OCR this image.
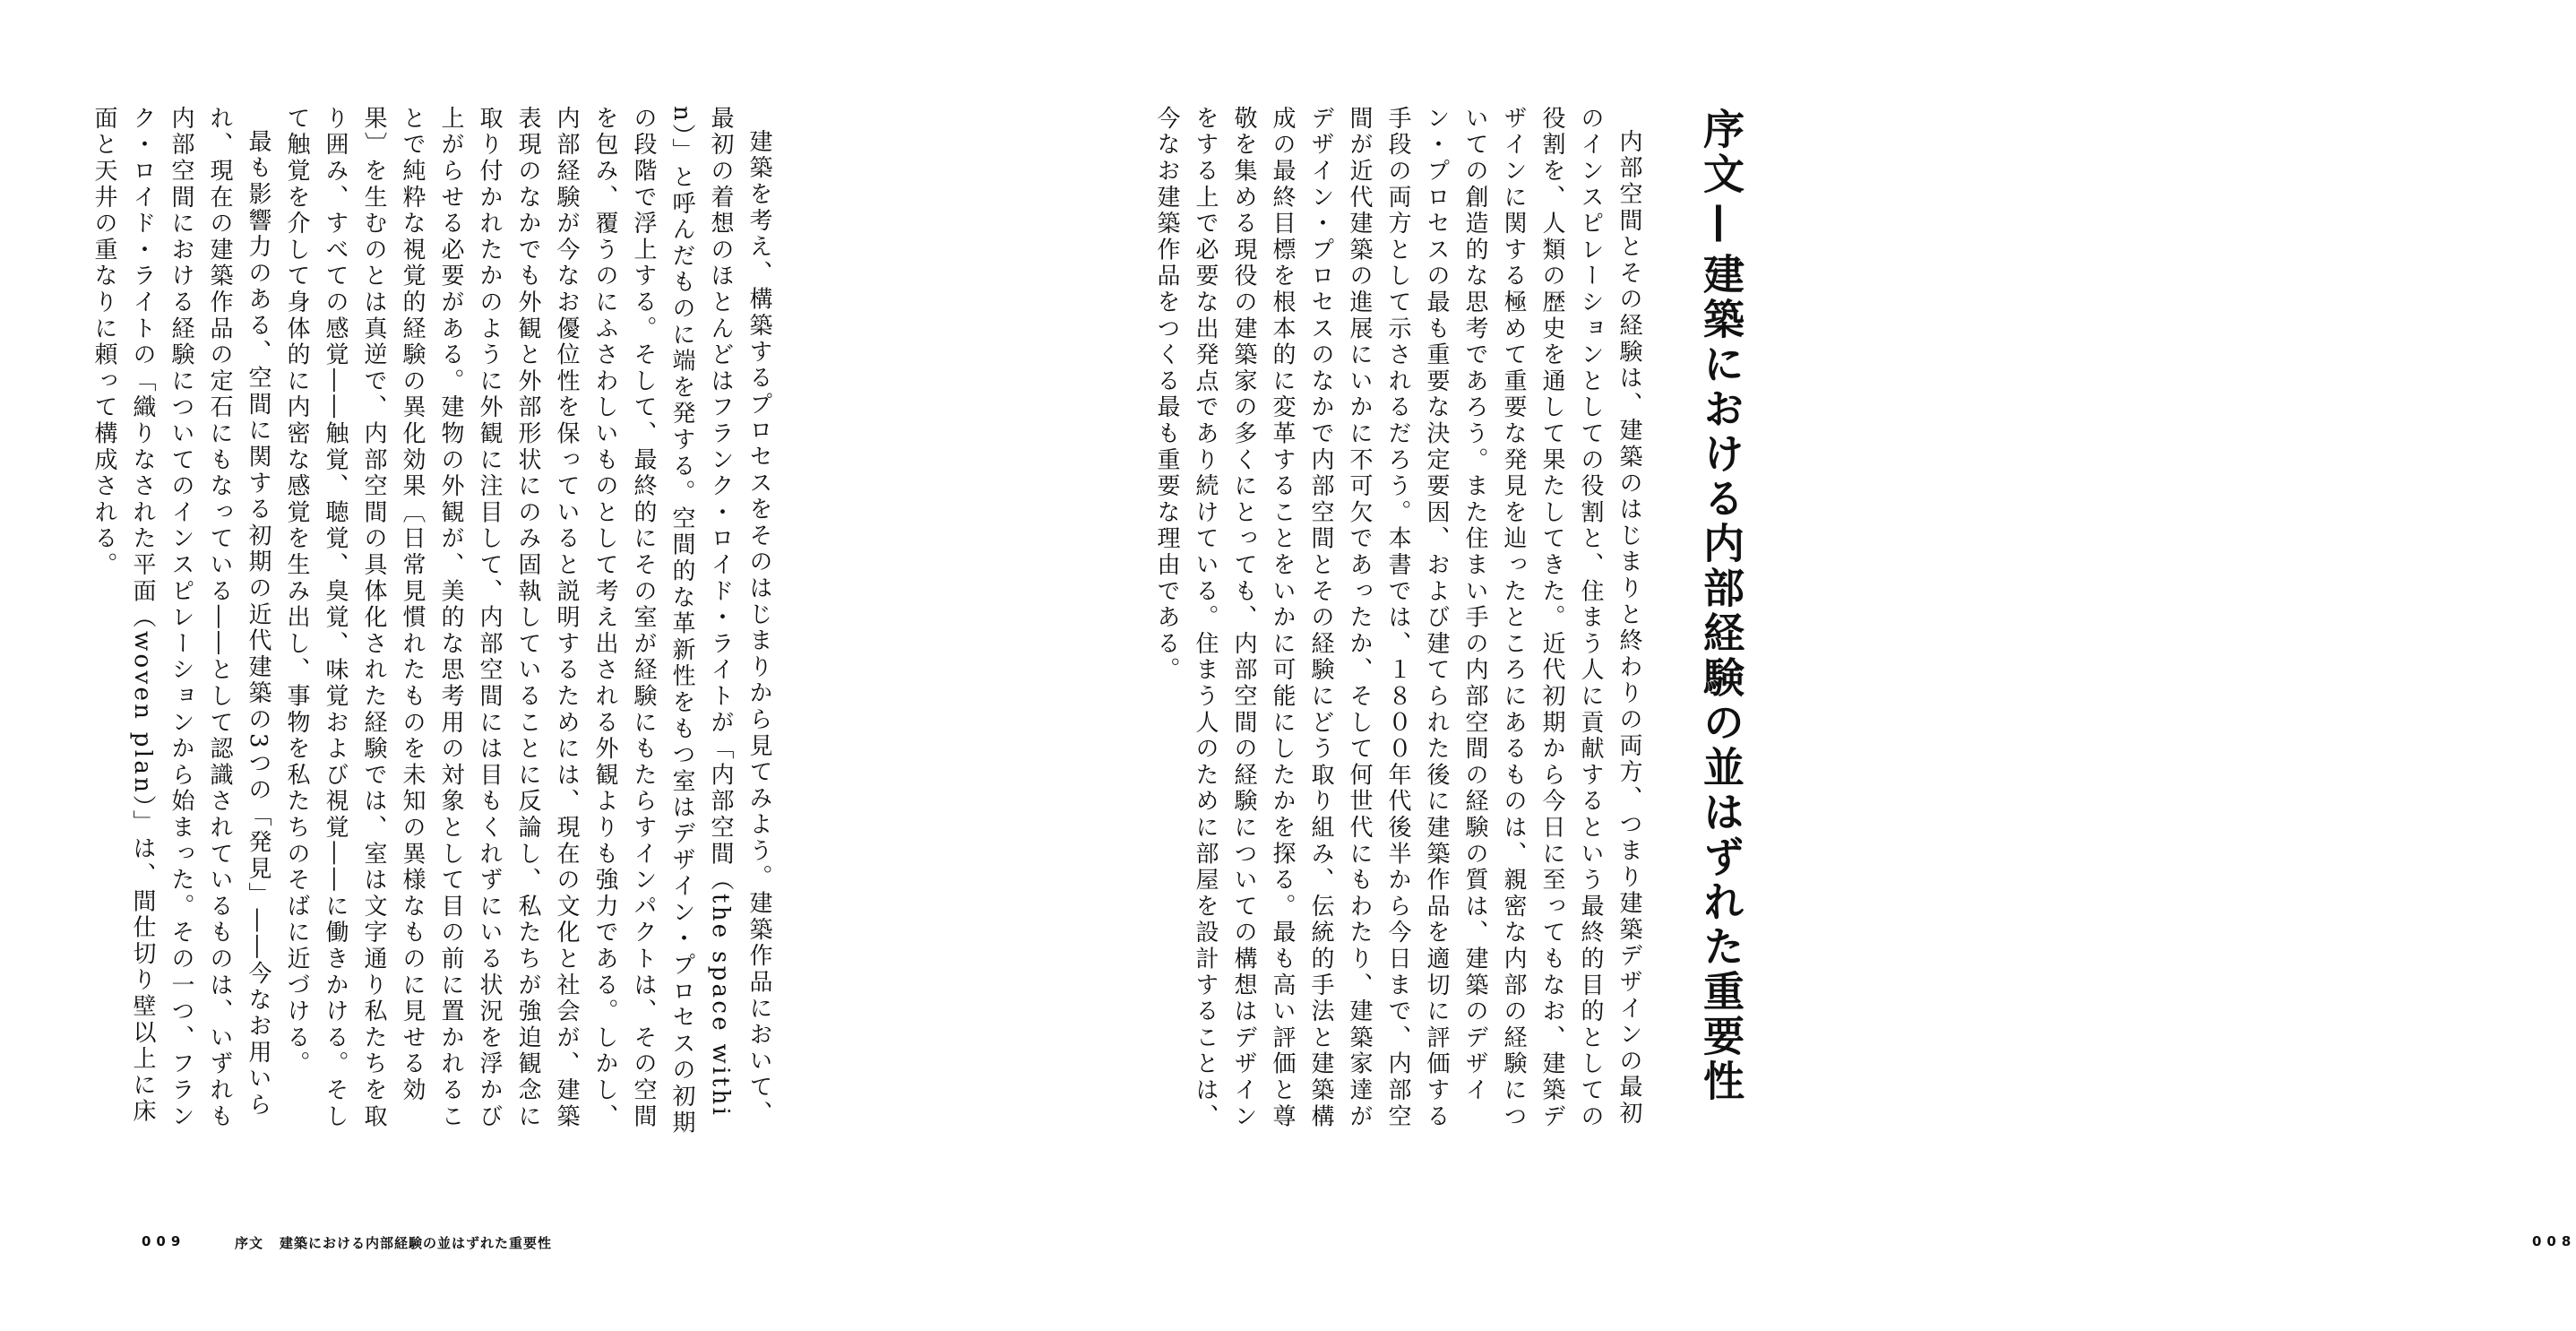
建築を考え、構築するプロセスをそのはじまりから見てみよう。建築作品において、最初の着想のほとんどはフランク・ロイド・ライトが「内部空間（the space within）」と呼んだものに端を発する。空間的な革新性をもつ室はデザイン・プロセスの初期の段階で浮上する。そして、最終的にその室が経験にもたらすインパクトは、その空間を包み、覆うのにふさわしいものとして考え出される外観よりも強力である。しかし、内部経験が今なお優位性を保っていると説明するためには、現在の文化と社会が、建築表現のなかでも外観と外部形状にのみ固執していることに反論し、私たちが強迫観念に取り付かれたかのように外観に注目して、内部空間には目もくれずにいる状況を浮かび上がらせる必要がある。建物の外観が、美的な思考用の対象として目の前に置かれることで純粋な視覚的経験の異化効果〔日常見慣れたものを未知の異様なものに見せる効果〕を生むのとは真逆で、内部空間の具体化された経験では、室は文字通り私たちを取り囲み、すべての感覚――触覚、聴覚、臭覚、味覚および視覚――に働きかける。そして触覚を介して身体的に内密な感覚を生み出し、事物を私たちのそばに近づける。
最も影響力のある、空間に関する初期の近代建築の3つの「発見」――今なお用いられ、現在の建築作品の定石にもなっている――として認識されているものは、いずれも内部空間における経験についてのインスピレーションから始まった。その一つ、フランク・ロイド・ライトの「織りなされた平面（woven plan）」は、間仕切り壁以上に床面と天井の重なりに頼って構成される。
009	序文 建築における内部経験の並はずれた重要性
序文—建築における内部経験の並はずれた重要性
内部空間とその経験は、建築のはじまりと終わりの両方、つまり建築デザインの最初のインスピレーションとしての役割と、住まう人に貢献するという最終的目的としての役割を、人類の歴史を通して果たしてきた。近代初期から今日に至ってもなお、建築デザインに関する極めて重要な発見を辿ったところにあるものは、親密な内部の経験についての創造的な思考であろう。また住まい手の内部空間の経験の質は、建築のデザイン・プロセスの最も重要な決定要因、および建てられた後に建築作品を適切に評価する手段の両方として示されるだろう。本書では、１８００年代後半から今日まで、内部空間が近代建築の進展にいかに不可欠であったか、そして何世代にもわたり、建築家達がデザイン・プロセスのなかで内部空間とその経験にどう取り組み、伝統的手法と建築構成の最終目標を根本的に変革することをいかに可能にしたかを探る。最も高い評価と尊敬を集める現役の建築家の多くにとっても、内部空間の経験についての構想はデザインをする上で必要な出発点であり続けている。住まう人のために部屋を設計することは、今なお建築作品をつくる最も重要な理由である。
008
